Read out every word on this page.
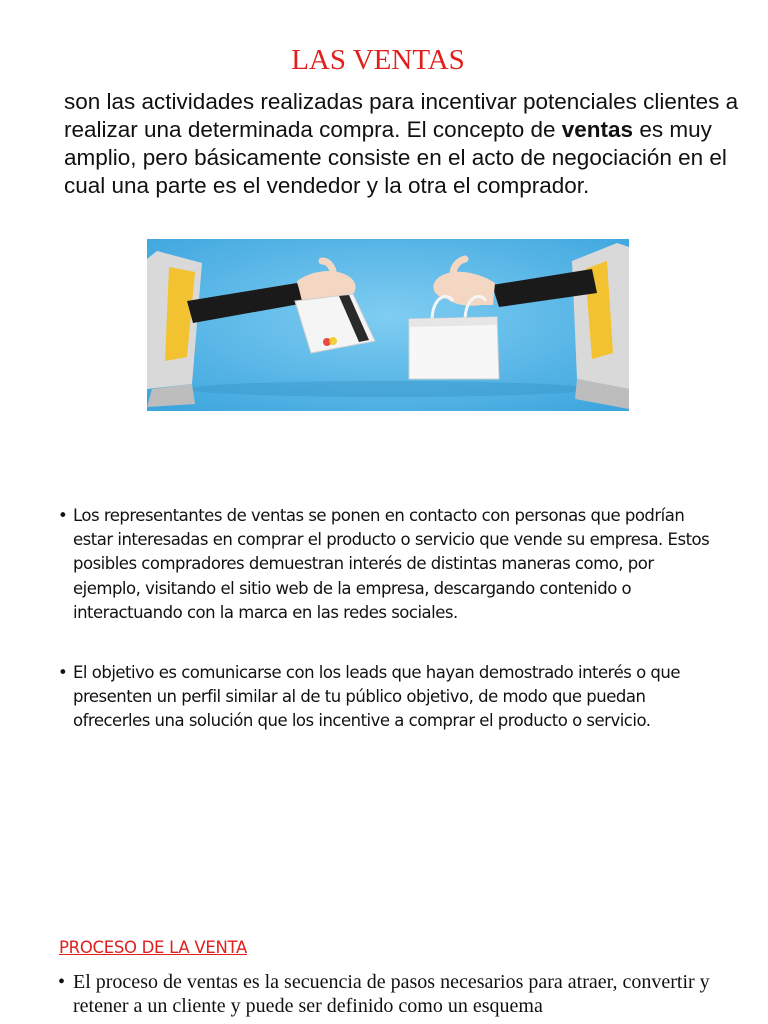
LAS VENTAS

son las actividades realizadas para incentivar potenciales clientes a realizar una determinada compra. El concepto de ventas es muy amplio, pero básicamente consiste en el acto de negociación en el cual una parte es el vendedor y la otra el comprador.

• Los representantes de ventas se ponen en contacto con personas que podrían estar interesadas en comprar el producto o servicio que vende su empresa. Estos posibles compradores demuestran interés de distintas maneras como, por ejemplo, visitando el sitio web de la empresa, descargando contenido o interactuando con la marca en las redes sociales.

• El objetivo es comunicarse con los leads que hayan demostrado interés o que presenten un perfil similar al de tu público objetivo, de modo que puedan ofrecerles una solución que los incentive a comprar el producto o servicio.

PROCESO DE LA VENTA

• El proceso de ventas es la secuencia de pasos necesarios para atraer, convertir y retener a un cliente y puede ser definido como un esquema
